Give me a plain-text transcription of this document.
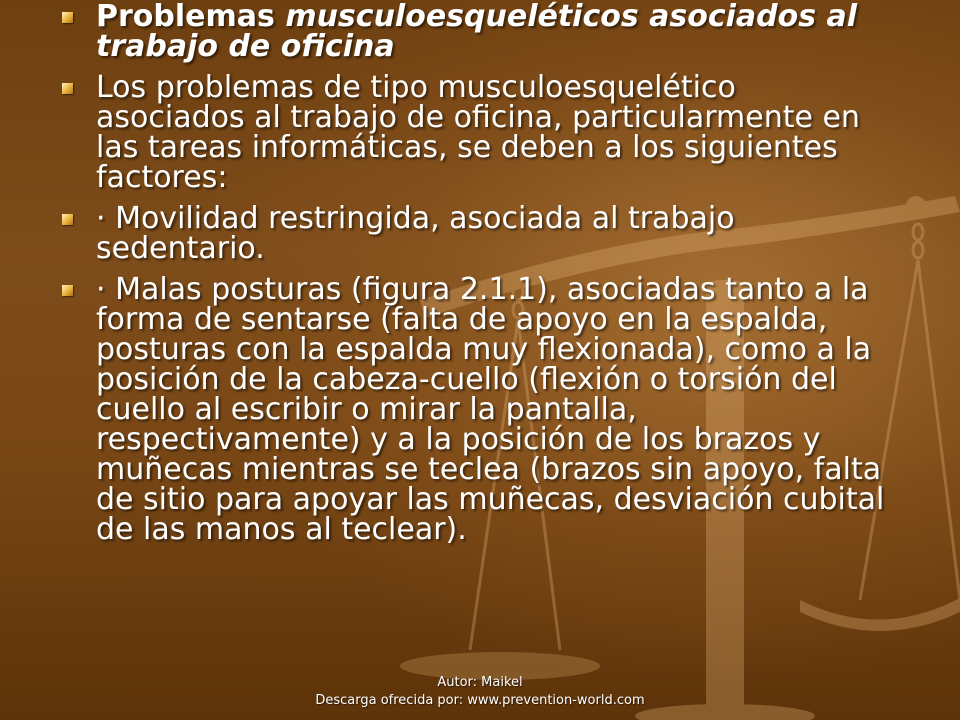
Problemas musculoesqueléticos asociados al trabajo de oficina
Los problemas de tipo musculoesquelético asociados al trabajo de oficina, particularmente en las tareas informáticas, se deben a los siguientes factores:
· Movilidad restringida, asociada al trabajo sedentario.
· Malas posturas (figura 2.1.1), asociadas tanto a la forma de sentarse (falta de apoyo en la espalda, posturas con la espalda muy flexionada), como a la posición de la cabeza-cuello (flexión o torsión del cuello al escribir o mirar la pantalla, respectivamente) y a la posición de los brazos y muñecas mientras se teclea (brazos sin apoyo, falta de sitio para apoyar las muñecas, desviación cubital de las manos al teclear).
Autor: Maikel
Descarga ofrecida por: www.prevention-world.com
